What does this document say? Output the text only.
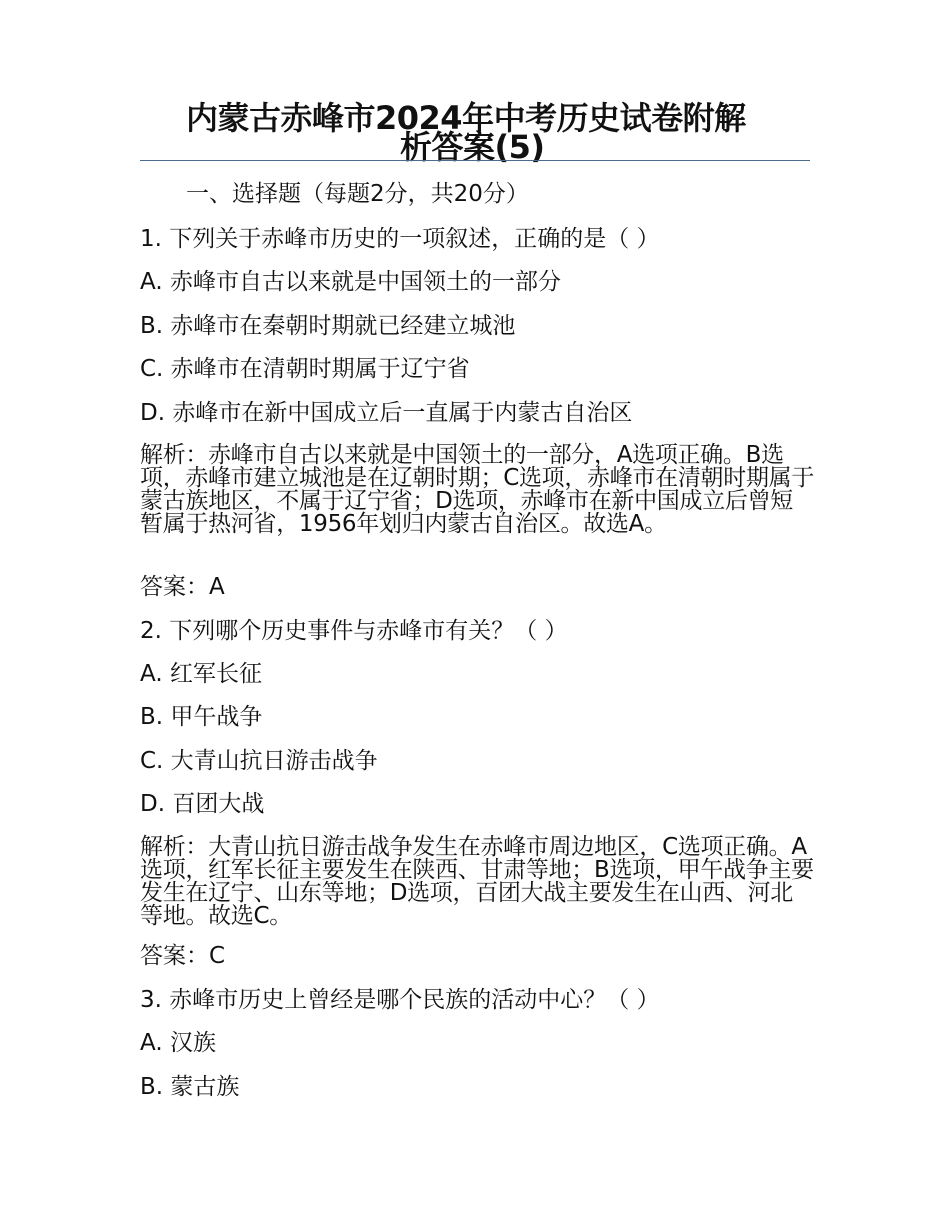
内蒙古赤峰市2024年中考历史试卷附解
析答案(5)

一、选择题（每题2分，共20分）

1. 下列关于赤峰市历史的一项叙述，正确的是（ ）

A. 赤峰市自古以来就是中国领土的一部分

B. 赤峰市在秦朝时期就已经建立城池

C. 赤峰市在清朝时期属于辽宁省

D. 赤峰市在新中国成立后一直属于内蒙古自治区

解析：赤峰市自古以来就是中国领土的一部分，A选项正确。B选项，赤峰市建立城池是在辽朝时期；C选项，赤峰市在清朝时期属于蒙古族地区，不属于辽宁省；D选项，赤峰市在新中国成立后曾短暂属于热河省，1956年划归内蒙古自治区。故选A。

答案：A

2. 下列哪个历史事件与赤峰市有关？（ ）

A. 红军长征

B. 甲午战争

C. 大青山抗日游击战争

D. 百团大战

解析：大青山抗日游击战争发生在赤峰市周边地区，C选项正确。A选项，红军长征主要发生在陕西、甘肃等地；B选项，甲午战争主要发生在辽宁、山东等地；D选项，百团大战主要发生在山西、河北等地。故选C。

答案：C

3. 赤峰市历史上曾经是哪个民族的活动中心？（ ）

A. 汉族

B. 蒙古族
